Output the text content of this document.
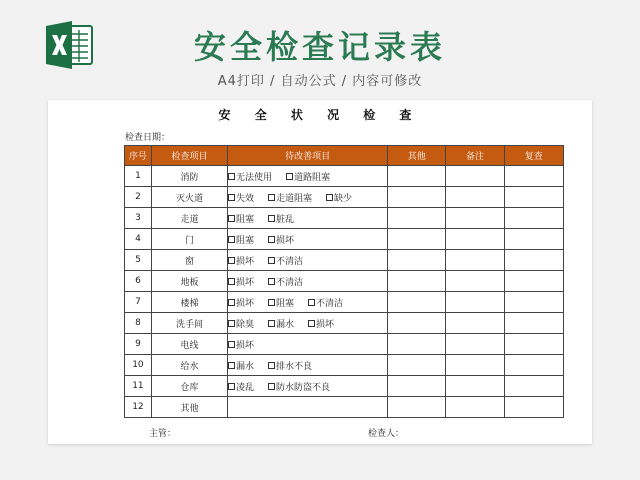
安全检查记录表
A4打印 / 自动公式 / 内容可修改
安 全 状 况 检 查
检查日期：
序号	检查项目	待改善项目	其他	备注	复查
1	消防	无法使用 道路阻塞			
2	灭火道	失效 走道阻塞 缺少			
3	走道	阻塞 脏乱			
4	门	阻塞 损坏			
5	窗	损坏 不清洁			
6	地板	损坏 不清洁			
7	楼梯	损坏 阻塞 不清洁			
8	洗手间	除臭 漏水 损坏			
9	电线	损坏			
10	给水	漏水 排水不良			
11	仓库	凌乱 防水防盗不良			
12	其他				
主管：	检查人：
